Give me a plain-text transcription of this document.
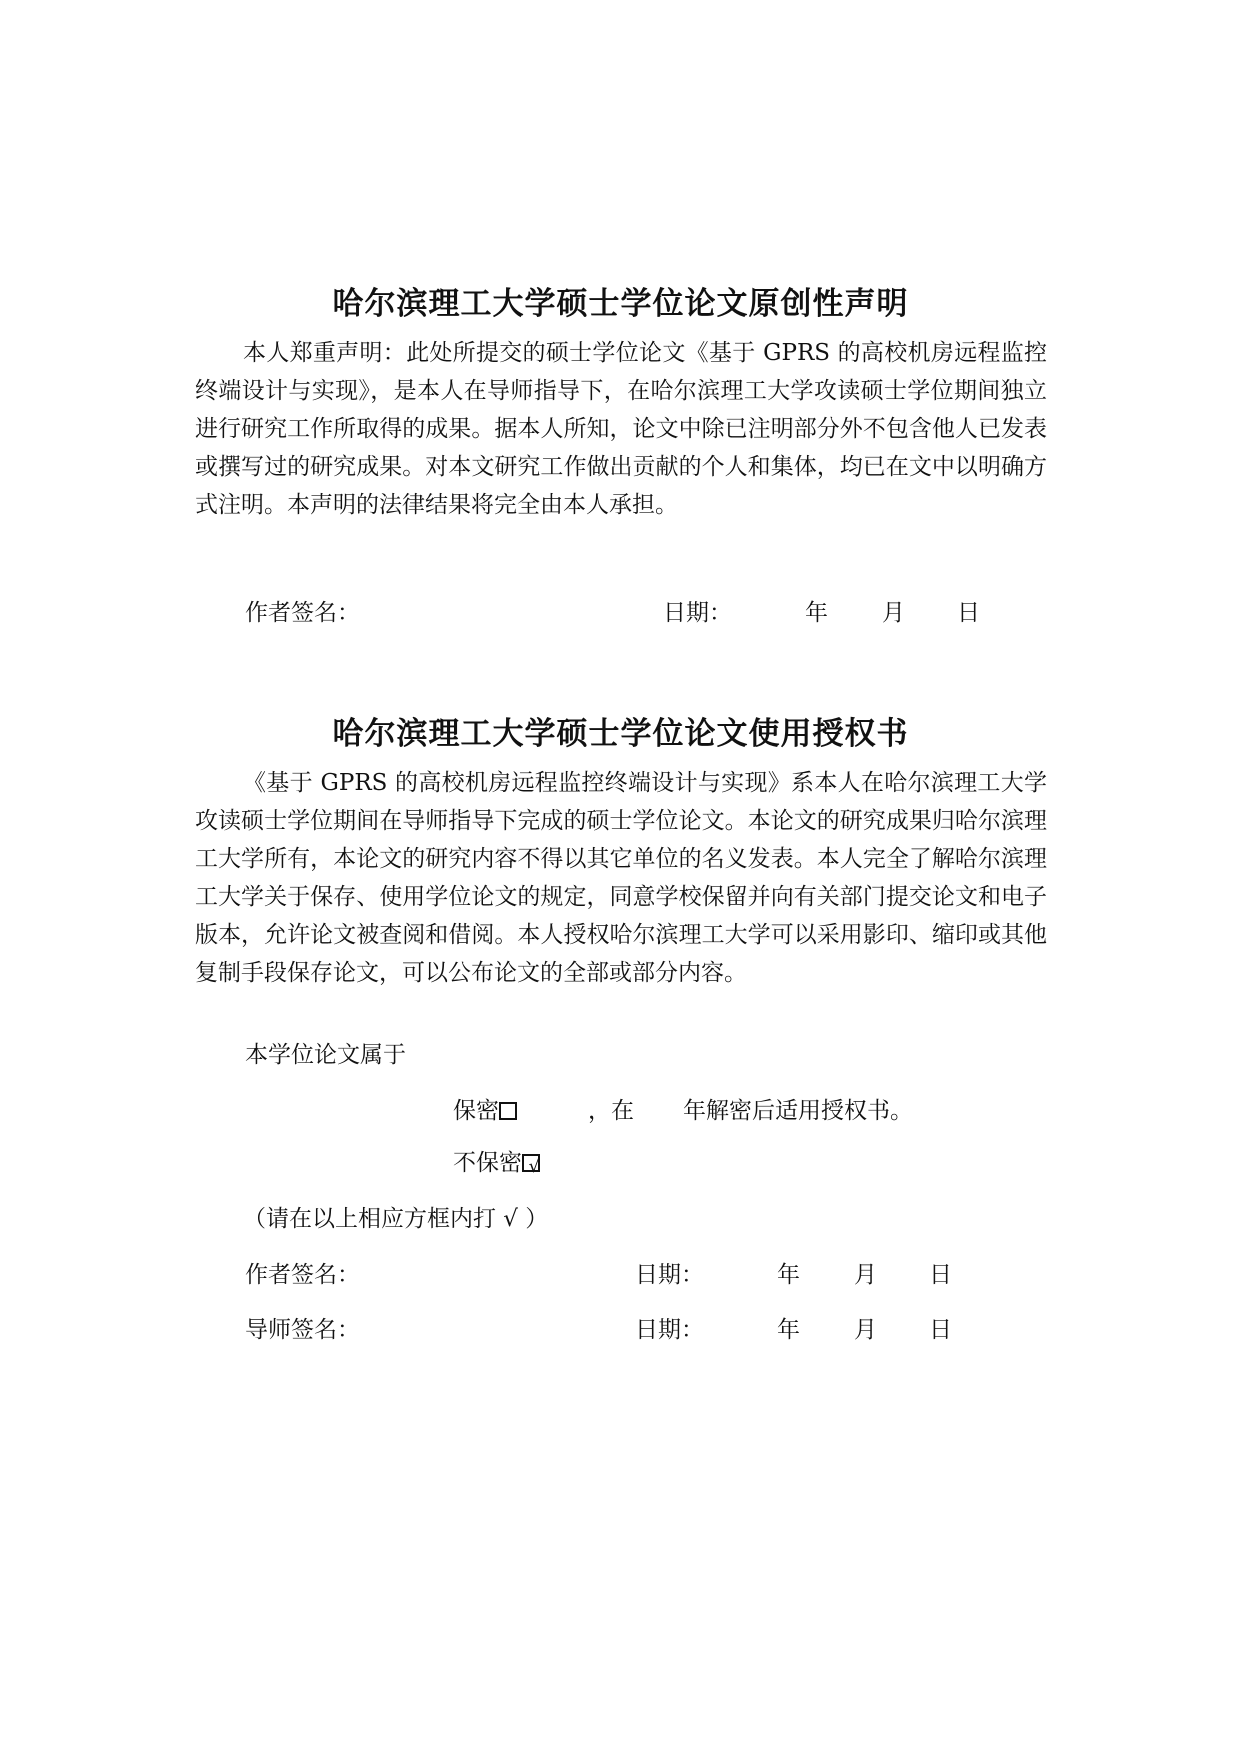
哈尔滨理工大学硕士学位论文原创性声明
本人郑重声明：此处所提交的硕士学位论文《基于 GPRS 的高校机房远程监控终端设计与实现》，是本人在导师指导下，在哈尔滨理工大学攻读硕士学位期间独立进行研究工作所取得的成果。据本人所知，论文中除已注明部分外不包含他人已发表或撰写过的研究成果。对本文研究工作做出贡献的个人和集体，均已在文中以明确方式注明。本声明的法律结果将完全由本人承担。
作者签名：	日期：	年 月 日
哈尔滨理工大学硕士学位论文使用授权书
《基于 GPRS 的高校机房远程监控终端设计与实现》系本人在哈尔滨理工大学攻读硕士学位期间在导师指导下完成的硕士学位论文。本论文的研究成果归哈尔滨理工大学所有，本论文的研究内容不得以其它单位的名义发表。本人完全了解哈尔滨理工大学关于保存、使用学位论文的规定，同意学校保留并向有关部门提交论文和电子版本，允许论文被查阅和借阅。本人授权哈尔滨理工大学可以采用影印、缩印或其他复制手段保存论文，可以公布论文的全部或部分内容。
本学位论文属于
保密	，在 年解密后适用授权书。
不保密 √
（请在以上相应方框内打 √ ）
作者签名：	日期：	年 月 日
导师签名：	日期：	年 月 日
